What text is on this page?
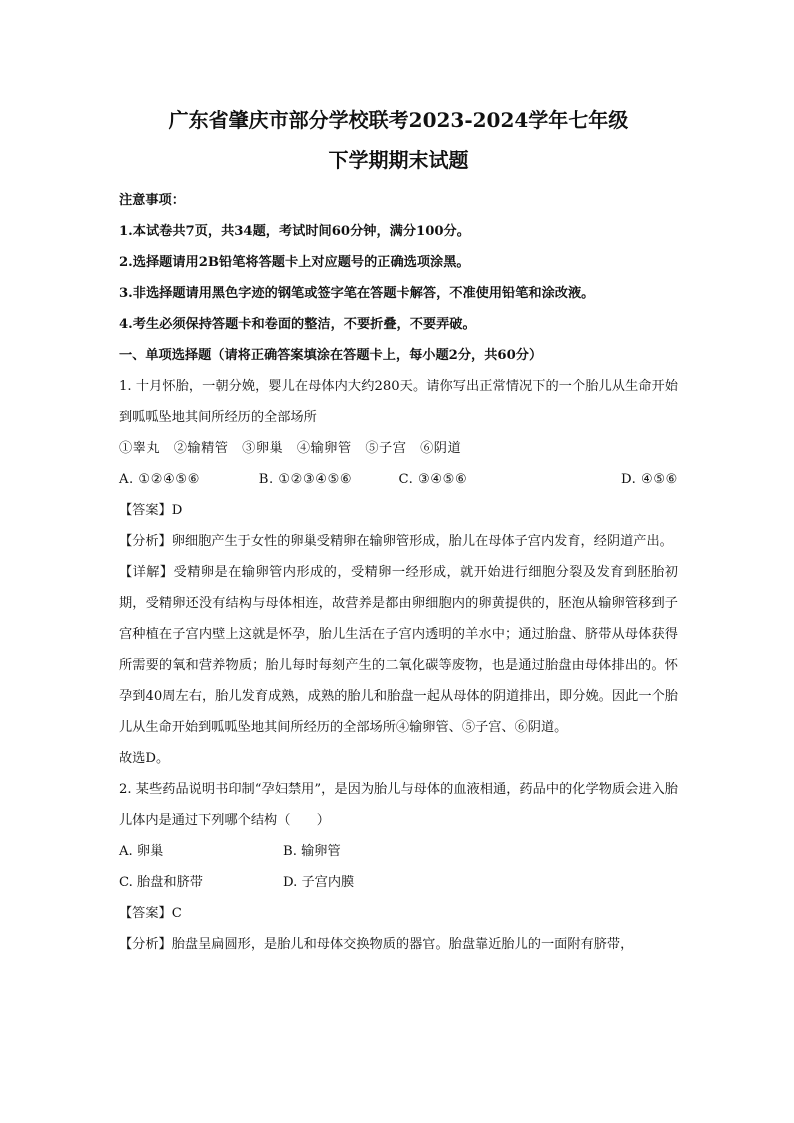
广东省肇庆市部分学校联考2023-2024学年七年级
下学期期末试题
注意事项：
1.本试卷共7页，共34题，考试时间60分钟，满分100分。
2.选择题请用2B铅笔将答题卡上对应题号的正确选项涂黑。
3.非选择题请用黑色字迹的钢笔或签字笔在答题卡解答，不准使用铅笔和涂改液。
4.考生必须保持答题卡和卷面的整洁，不要折叠，不要弄破。
一、单项选择题（请将正确答案填涂在答题卡上，每小题2分，共60分）
1. 十月怀胎，一朝分娩，婴儿在母体内大约280天。请你写出正常情况下的一个胎儿从生命开始到呱呱坠地其间所经历的全部场所
①睾丸　②输精管　③卵巢　④输卵管　⑤子宫　⑥阴道
A. ①②④⑤⑥	B. ①②③④⑤⑥	C. ③④⑤⑥	D. ④⑤⑥
【答案】D
【分析】卵细胞产生于女性的卵巢受精卵在输卵管形成，胎儿在母体子宫内发育，经阴道产出。
【详解】受精卵是在输卵管内形成的，受精卵一经形成，就开始进行细胞分裂及发育到胚胎初期，受精卵还没有结构与母体相连，故营养是都由卵细胞内的卵黄提供的，胚泡从输卵管移到子宫种植在子宫内壁上这就是怀孕，胎儿生活在子宫内透明的羊水中；通过胎盘、脐带从母体获得所需要的氧和营养物质；胎儿每时每刻产生的二氧化碳等废物，也是通过胎盘由母体排出的。怀孕到40周左右，胎儿发育成熟，成熟的胎儿和胎盘一起从母体的阴道排出，即分娩。因此一个胎儿从生命开始到呱呱坠地其间所经历的全部场所④输卵管、⑤子宫、⑥阴道。
故选D。
2. 某些药品说明书印制“孕妇禁用”，是因为胎儿与母体的血液相通，药品中的化学物质会进入胎儿体内是通过下列哪个结构（　　）
A. 卵巢	B. 输卵管
C. 胎盘和脐带	D. 子宫内膜
【答案】C
【分析】胎盘呈扁圆形，是胎儿和母体交换物质的器官。胎盘靠近胎儿的一面附有脐带，
